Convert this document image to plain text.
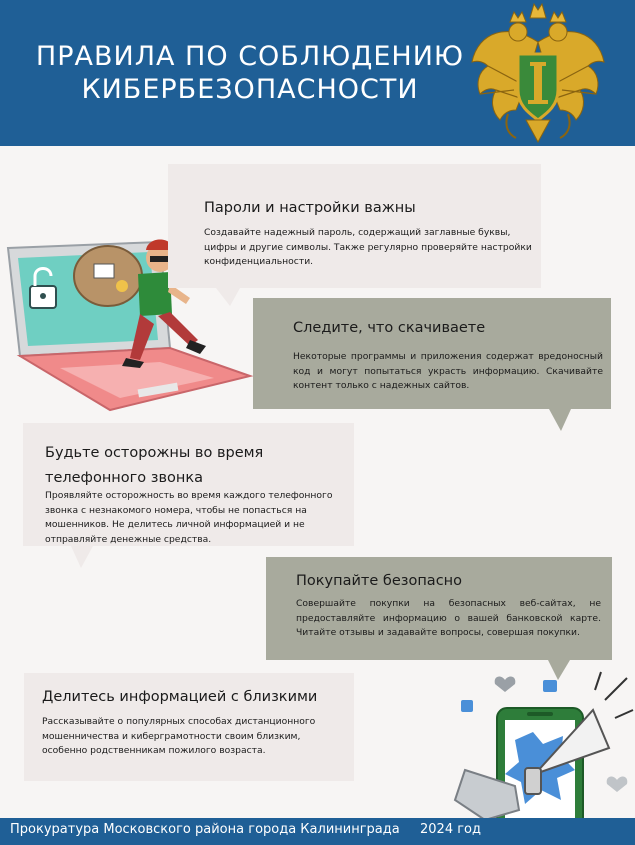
ПРАВИЛА ПО СОБЛЮДЕНИЮ
КИБЕРБЕЗОПАСНОСТИ
Пароли и настройки важны
Создавайте надежный пароль, содержащий заглавные буквы, цифры и другие символы. Также регулярно проверяйте настройки конфиденциальности.
Следите, что скачиваете
Некоторые программы и приложения содержат вредоносный код и могут попытаться украсть информацию. Скачивайте контент только с надежных сайтов.
Будьте осторожны во время телефонного звонка
Проявляйте осторожность во время каждого телефонного звонка с незнакомого номера, чтобы не попасться на мошенников. Не делитесь личной информацией и не отправляйте денежные средства.
Покупайте безопасно
Совершайте покупки на безопасных веб-сайтах, не предоставляйте информацию о вашей банковской карте. Читайте отзывы и задавайте вопросы, совершая покупки.
Делитесь информацией с близкими
Рассказывайте о популярных способах дистанционного мошенничества и киберграмотности своим близким, особенно родственникам пожилого возраста.
Прокуратура Московского района города Калининграда 2024 год
